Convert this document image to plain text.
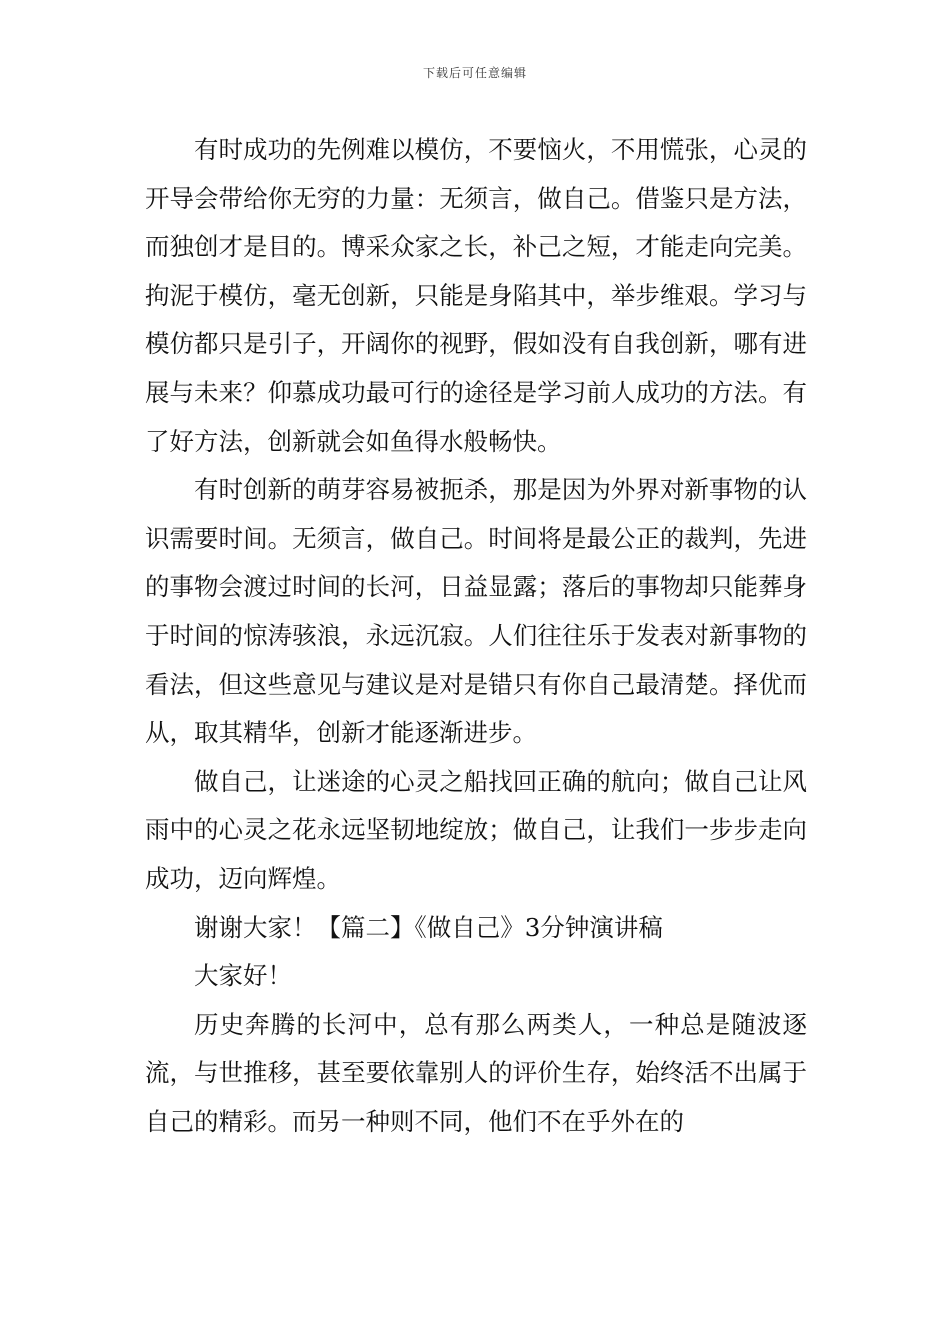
下载后可任意编辑

有时成功的先例难以模仿，不要恼火，不用慌张，心灵的开导会带给你无穷的力量：无须言，做自己。借鉴只是方法，而独创才是目的。博采众家之长，补己之短，才能走向完美。拘泥于模仿，毫无创新，只能是身陷其中，举步维艰。学习与模仿都只是引子，开阔你的视野，假如没有自我创新，哪有进展与未来？仰慕成功最可行的途径是学习前人成功的方法。有了好方法，创新就会如鱼得水般畅快。

有时创新的萌芽容易被扼杀，那是因为外界对新事物的认识需要时间。无须言，做自己。时间将是最公正的裁判，先进的事物会渡过时间的长河，日益显露；落后的事物却只能葬身于时间的惊涛骇浪，永远沉寂。人们往往乐于发表对新事物的看法，但这些意见与建议是对是错只有你自己最清楚。择优而从，取其精华，创新才能逐渐进步。

做自己，让迷途的心灵之船找回正确的航向；做自己让风雨中的心灵之花永远坚韧地绽放；做自己，让我们一步步走向成功，迈向辉煌。

谢谢大家！【篇二】《做自己》3分钟演讲稿

大家好！

历史奔腾的长河中，总有那么两类人，一种总是随波逐流，与世推移，甚至要依靠别人的评价生存，始终活不出属于自己的精彩。而另一种则不同，他们不在乎外在的
